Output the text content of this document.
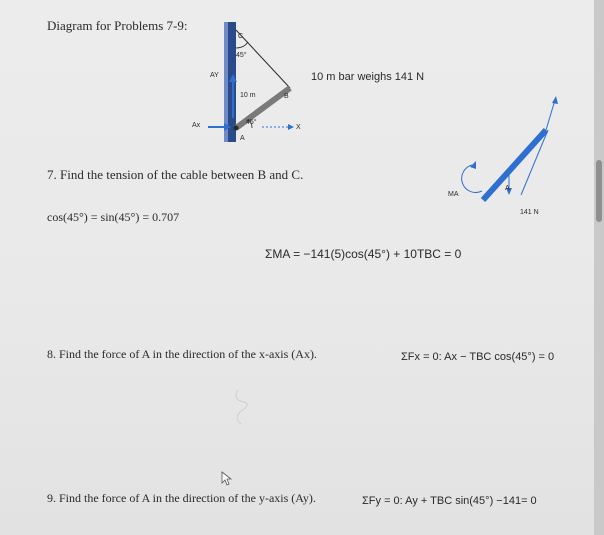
Diagram for Problems 7-9:
C
45°
AY
10 m	B
45°
Ax
A
X
MA
A
141 N
10 m bar weighs 141 N
7. Find the tension of the cable between B and C.
cos(45°) = sin(45°) = 0.707
ΣMA = −141(5)cos(45°) + 10TBC = 0
8. Find the force of A in the direction of the x-axis (Ax).	ΣFx = 0: Ax − TBC cos(45°) = 0
9. Find the force of A in the direction of the y-axis (Ay).	ΣFy = 0: Ay + TBC sin(45°) −141= 0
